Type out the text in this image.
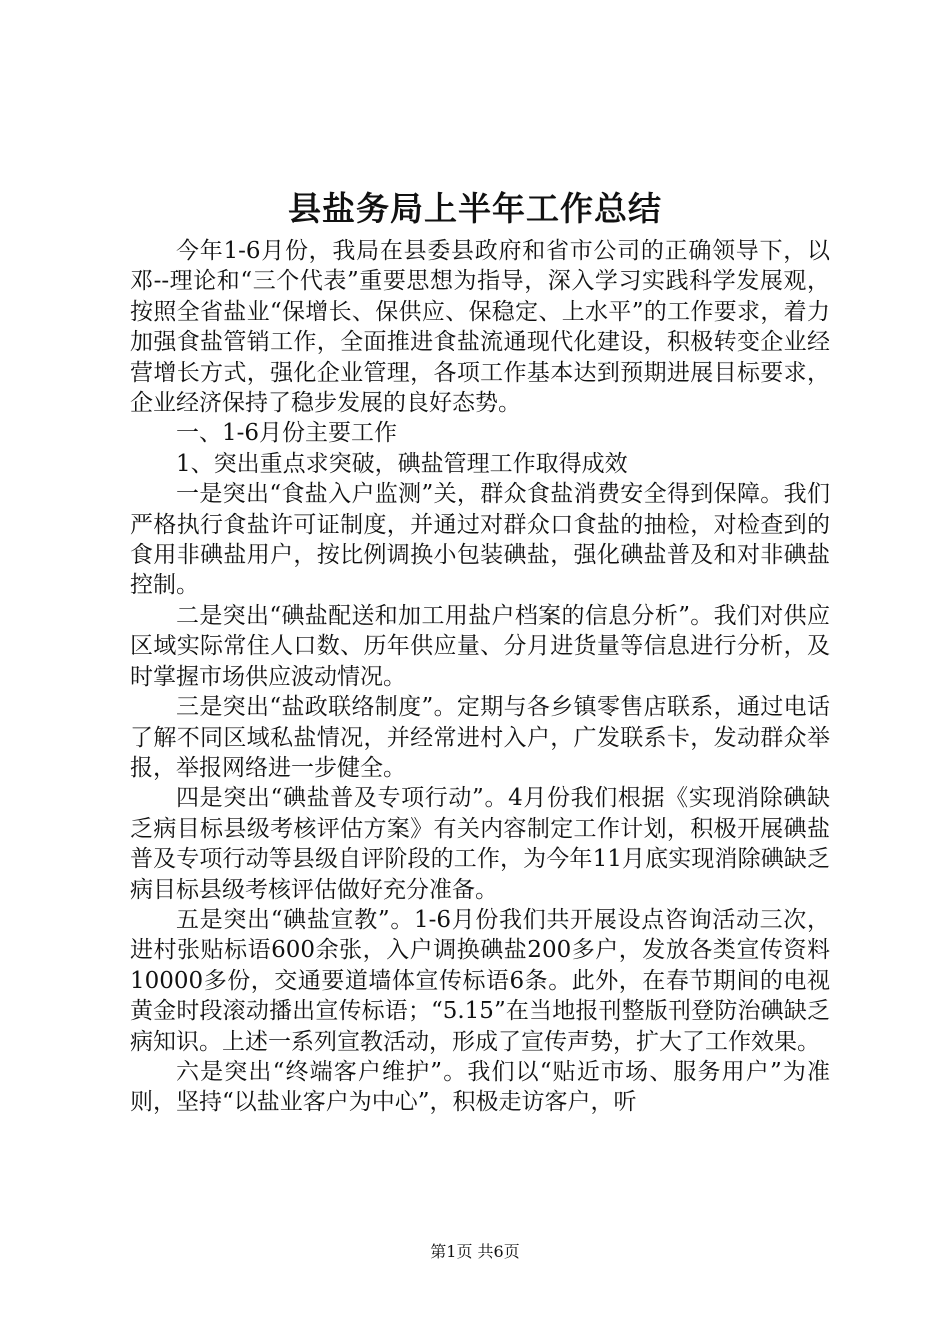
县盐务局上半年工作总结

今年1-6月份，我局在县委县政府和省市公司的正确领导下，以邓--理论和“三个代表”重要思想为指导，深入学习实践科学发展观，按照全省盐业“保增长、保供应、保稳定、上水平”的工作要求，着力加强食盐管销工作，全面推进食盐流通现代化建设，积极转变企业经营增长方式，强化企业管理，各项工作基本达到预期进展目标要求，企业经济保持了稳步发展的良好态势。

一、1-6月份主要工作

1、突出重点求突破，碘盐管理工作取得成效

一是突出“食盐入户监测”关，群众食盐消费安全得到保障。我们严格执行食盐许可证制度，并通过对群众口食盐的抽检，对检查到的食用非碘盐用户，按比例调换小包装碘盐，强化碘盐普及和对非碘盐控制。

二是突出“碘盐配送和加工用盐户档案的信息分析”。我们对供应区域实际常住人口数、历年供应量、分月进货量等信息进行分析，及时掌握市场供应波动情况。

三是突出“盐政联络制度”。定期与各乡镇零售店联系，通过电话了解不同区域私盐情况，并经常进村入户，广发联系卡，发动群众举报，举报网络进一步健全。

四是突出“碘盐普及专项行动”。4月份我们根据《实现消除碘缺乏病目标县级考核评估方案》有关内容制定工作计划，积极开展碘盐普及专项行动等县级自评阶段的工作，为今年11月底实现消除碘缺乏病目标县级考核评估做好充分准备。

五是突出“碘盐宣教”。1-6月份我们共开展设点咨询活动三次，进村张贴标语600余张，入户调换碘盐200多户，发放各类宣传资料10000多份，交通要道墙体宣传标语6条。此外，在春节期间的电视黄金时段滚动播出宣传标语；“5.15”在当地报刊整版刊登防治碘缺乏病知识。上述一系列宣教活动，形成了宣传声势，扩大了工作效果。

六是突出“终端客户维护”。我们以“贴近市场、服务用户”为准则，坚持“以盐业客户为中心”，积极走访客户，听

第1页 共6页
